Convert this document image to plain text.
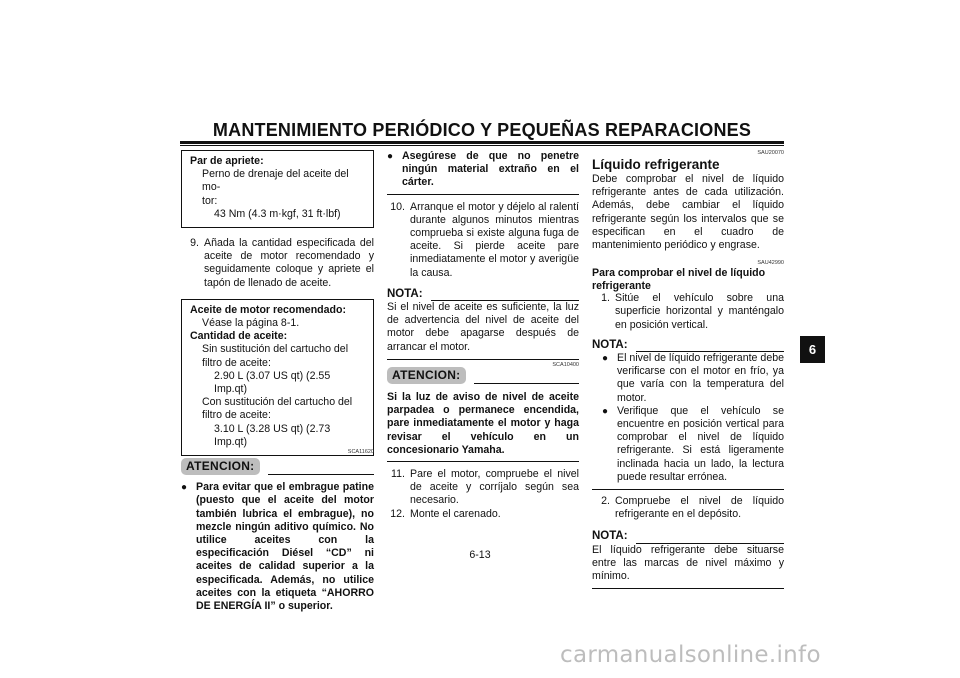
MANTENIMIENTO PERIÓDICO Y PEQUEÑAS REPARACIONES
Par de apriete:
Perno de drenaje del aceite del mo-
tor:
43 Nm (4.3 m·kgf, 31 ft·lbf)
9. Añada la cantidad especificada del aceite de motor recomendado y seguidamente coloque y apriete el tapón de llenado de aceite.
Aceite de motor recomendado:
Véase la página 8-1.
Cantidad de aceite:
Sin sustitución del cartucho del filtro de aceite:
2.90 L (3.07 US qt) (2.55 Imp.qt)
Con sustitución del cartucho del filtro de aceite:
3.10 L (3.28 US qt) (2.73 Imp.qt)
ATENCION:
SCA11620
● Para evitar que el embrague patine (puesto que el aceite del motor también lubrica el embrague), no mezcle ningún aditivo químico. No utilice aceites con la especificación Diésel “CD” ni aceites de calidad superior a la especificada. Además, no utilice aceites con la etiqueta “AHORRO DE ENERGÍA II” o superior.
● Asegúrese de que no penetre ningún material extraño en el cárter.
10. Arranque el motor y déjelo al ralentí durante algunos minutos mientras comprueba si existe alguna fuga de aceite. Si pierde aceite pare inmediatamente el motor y averigüe la causa.
NOTA:
Si el nivel de aceite es suficiente, la luz de advertencia del nivel de aceite del motor debe apagarse después de arrancar el motor.
SCA10400
ATENCION:
Si la luz de aviso de nivel de aceite parpadea o permanece encendida, pare inmediatamente el motor y haga revisar el vehículo en un concesionario Yamaha.
11. Pare el motor, compruebe el nivel de aceite y corríjalo según sea necesario.
12. Monte el carenado.
SAU20070
Líquido refrigerante
Debe comprobar el nivel de líquido refrigerante antes de cada utilización. Además, debe cambiar el líquido refrigerante según los intervalos que se especifican en el cuadro de mantenimiento periódico y engrase.
SAU42990
Para comprobar el nivel de líquido refrigerante
1. Sitúe el vehículo sobre una superficie horizontal y manténgalo en posición vertical.
NOTA:
● El nivel de líquido refrigerante debe verificarse con el motor en frío, ya que varía con la temperatura del motor.
● Verifique que el vehículo se encuentre en posición vertical para comprobar el nivel de líquido refrigerante. Si está ligeramente inclinada hacia un lado, la lectura puede resultar errónea.
2. Compruebe el nivel de líquido refrigerante en el depósito.
NOTA:
El líquido refrigerante debe situarse entre las marcas de nivel máximo y mínimo.
6
6-13
carmanualsonline.info
